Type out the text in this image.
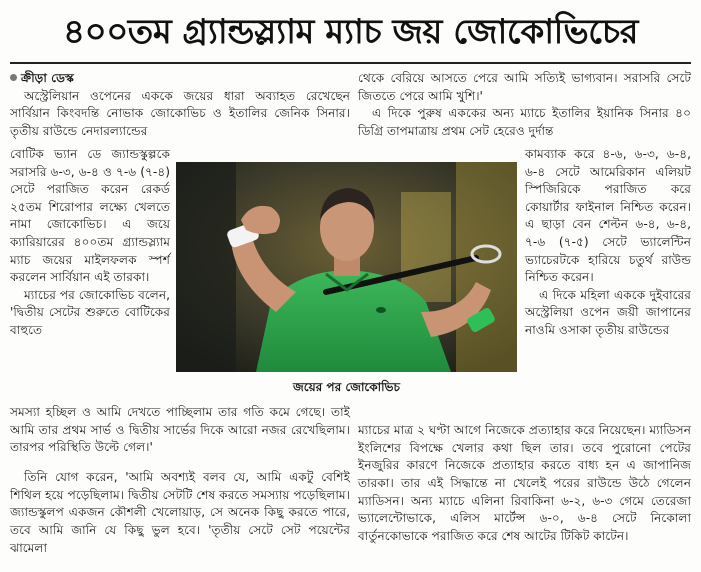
৪০০তম গ্র্যান্ডস্ল্যাম ম্যাচ জয় জোকোভিচের

ক্রীড়া ডেস্ক

অস্ট্রেলিয়ান ওপেনের এককে জয়ের ধারা অব্যাহত রেখেছেন সার্বিয়ান কিংবদন্তি নোভাক জোকোভিচ ও ইতালির জেনিক সিনার। তৃতীয় রাউন্ডে নেদারল্যান্ডের

বোটিক ভ্যান ডে জ্যান্ডস্কুল্পকে সরাসরি ৬-৩, ৬-৪ ও ৭-৬ (৭-৪) সেটে পরাজিত করেন রেকর্ড ২৫তম শিরোপার লক্ষ্যে খেলতে নামা জোকোভিচ। এ জয়ে ক্যারিয়ারের ৪০০তম গ্র্যান্ডস্ল্যাম ম্যাচ জয়ের মাইলফলক স্পর্শ করলেন সার্বিয়ান এই তারকা।

ম্যাচের পর জোকোভিচ বলেন, 'দ্বিতীয় সেটের শুরুতে বোটিকের বাহুতে

জয়ের পর জোকোভিচ

সমস্যা হচ্ছিল ও আমি দেখতে পাচ্ছিলাম তার গতি কমে গেছে। তাই আমি তার প্রথম সার্ভ ও দ্বিতীয় সার্ভের দিকে আরো নজর রেখেছিলাম। তারপর পরিস্থিতি উল্টে গেল।'

তিনি যোগ করেন, 'আমি অবশ্যই বলব যে, আমি একটু বেশিই শিথিল হয়ে পড়েছিলাম। দ্বিতীয় সেটটি শেষ করতে সমস্যায় পড়েছিলাম। জ্যান্ডস্কুলপ একজন কৌশলী খেলোয়াড়, সে অনেক কিছু করতে পারে, তবে আমি জানি যে কিছু ভুল হবে। 'তৃতীয় সেটে সেট পয়েন্টের ঝামেলা

থেকে বেরিয়ে আসতে পেরে আমি সত্যিই ভাগ্যবান। সরাসরি সেটে জিততে পেরে আমি খুশি।'

এ দিকে পুরুষ এককের অন্য ম্যাচে ইতালির ইয়ানিক সিনার ৪০ ডিগ্রি তাপমাত্রায় প্রথম সেট হেরেও দুর্দান্ত

কামব্যাক করে ৪-৬, ৬-৩, ৬-৪, ৬-৪ সেটে আমেরিকান এলিয়ট স্পিজিরিকে পরাজিত করে কোয়ার্টার ফাইনাল নিশ্চিত করেন। এ ছাড়া বেন শেল্টন ৬-৪, ৬-৪, ৭-৬ (৭-৫) সেটে ভ্যালেন্টিন ভ্যাচেরটকে হারিয়ে চতুর্থ রাউন্ড নিশ্চিত করেন।

এ দিকে মহিলা এককে দুইবারের অস্ট্রেলিয়া ওপেন জয়ী জাপানের নাওমি ওসাকা তৃতীয় রাউন্ডের

ম্যাচের মাত্র ২ ঘণ্টা আগে নিজেকে প্রত্যাহার করে নিয়েছেন। ম্যাডিসন ইংলিশের বিপক্ষে খেলার কথা ছিল তার। তবে পুরোনো পেটের ইনজুরির কারণে নিজেকে প্রত্যাহার করতে বাধ্য হন এ জাপানিজ তারকা। তার এই সিদ্ধান্তে না খেলেই পরের রাউন্ডে উঠে গেলেন ম্যাডিসন। অন্য ম্যাচে এলিনা রিবাকিনা ৬-২, ৬-৩ গেমে তেরেজা ভ্যালেন্টোভাকে, এলিস মার্টেন্স ৬-০, ৬-৪ সেটে নিকোলা বার্তুনকোভাকে পরাজিত করে শেষ আটের টিকিট কাটেন।
